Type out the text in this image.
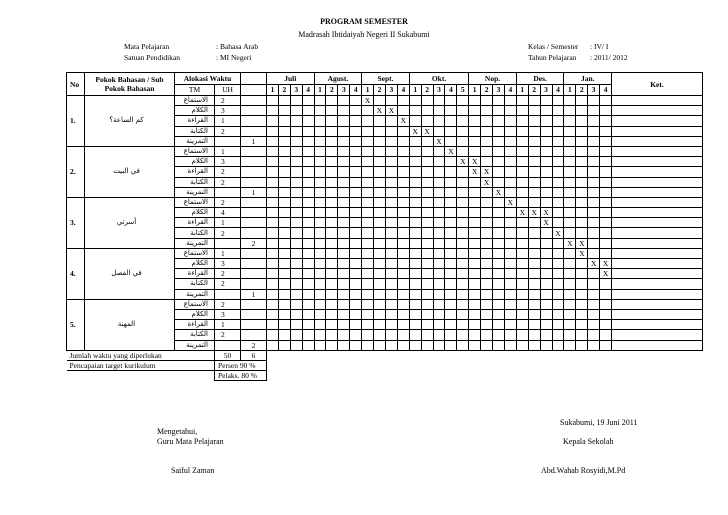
PROGRAM SEMESTER
Madrasah Ibtidaiyah Negeri II Sukabumi
Mata Pelajaran	: Bahasa Arab
Satuan Pendidikan	: MI Negeri
Kelas / Semester : IV/ I
Tahun Pelajaran : 2011/ 2012
No	Pokok Bahasan / Sub Pokok Bahasan	Alokasi Waktu			Juli				Agust.				Sept.				Okt.					Nop.				Des.				Jan.				Ket.
		TM	UH		1	2	3	4	1	2	3	4	1	2	3	4	1	2	3	4	5	1	2	3	4	1	2	3	4	1	2	3	4	
1.	كم الساعة؟	الاستماع	2										X																					
		الكلام	3											X	X																			
		القراءة	1													X																		
		الكتابة	2														X	X																
		التمرينة		1															X															
2.	في البيت	الاستماع	1																	X														
		الكلام	3																		X	X												
		القراءة	2																			X	X											
		الكتابة	2																				X											
		التمرينة		1																				X										
3.	أسرتي	الاستماع	2																						X									
		الكلام	4																							X	X	X						
		القراءة	1																									X						
		الكتابة	2																										X					
		التمرينة		2																										X	X			
4.	في الفصل	الاستماع	1																												X			
		الكلام	3																													X	X	
		القراءة	2																														X	
		الكتابة	2																															
		التمرينة		1																														
5.	المهنة	الاستماع	2																															
		الكلام	3																															
		القراءة	1																															
		الكتابة	2																															
		التمرينة		2																														
Jumlah waktu yang diperlukan			50	6																														
Pencapaian target kurikulum			Persen 90 %																															
			Pelaks. 80 %																															
Sukabumi, 19 Juni 2011
Mengetahui,
Guru Mata Pelajaran	Kepala Sekolah
Saiful Zaman	Abd.Wahab Rosyidi,M.Pd
